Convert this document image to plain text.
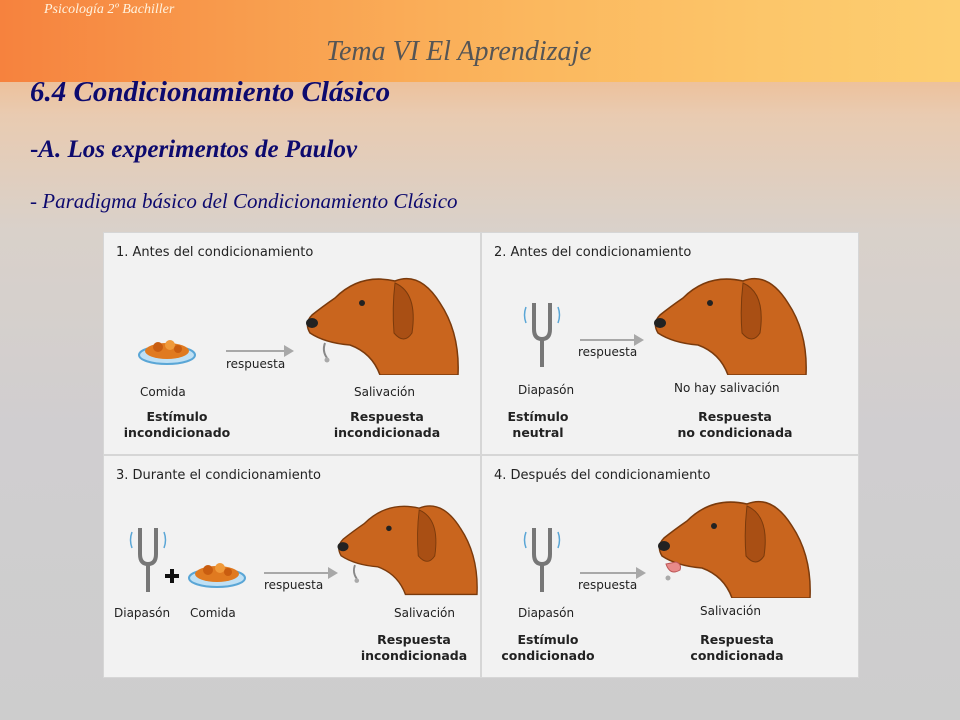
Psicología 2º Bachiller
Tema VI El Aprendizaje
6.4 Condicionamiento Clásico
-A. Los experimentos de Paulov
- Paradigma básico del Condicionamiento Clásico
1. Antes del condicionamiento
respuesta
Comida	Salivación
Estímulo
incondicionado
Respuesta
incondicionada
2. Antes del condicionamiento
respuesta
Diapasón	No hay salivación
Estímulo
neutral
Respuesta
no condicionada
3. Durante el condicionamiento
respuesta
Diapasón Comida	Salivación
Respuesta
incondicionada
4. Después del condicionamiento
respuesta
Diapasón	Salivación
Estímulo
condicionado
Respuesta
condicionada
